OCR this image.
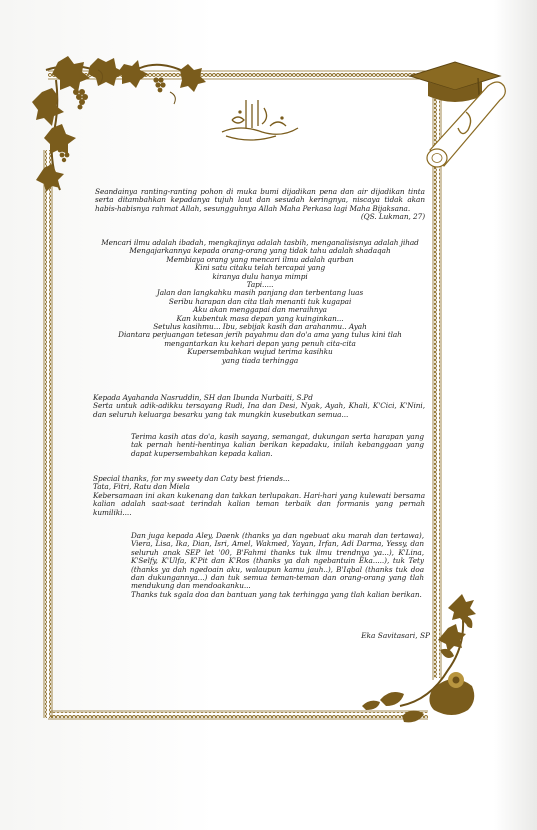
Seandainya ranting-ranting pohon di muka bumi dijadikan pena dan air dijadikan tinta serta ditambahkan kepadanya tujuh laut dan sesudah keringnya, niscaya tidak akan habis-habisnya rahmat Allah, sesungguhnya Allah Maha Perkasa lagi Maha Bijaksana.
(QS. Lukman, 27)
Mencari ilmu adalah ibadah, mengkajinya adalah tasbih, menganalisisnya adalah jihad
Mengajarkannya kepada orang-orang yang tidak tahu adalah shadaqah
Membiaya orang yang mencari ilmu adalah qurban
Kini satu citaku telah tercapai yang
kiranya dulu hanya mimpi
Tapi.....
Jalan dan langkahku masih panjang dan terbentang luas
Seribu harapan dan cita tlah menanti tuk kugapai
Aku akan menggapai dan meraihnya
Kan kubentuk masa depan yang kuinginkan...
Setulus kasihmu... Ibu, sebijak kasih dan arahanmu.. Ayah
Diantara perjuangan tetesan jerih payahmu dan do'a ama yang tulus kini tlah
mengantarkan ku kehari depan yang penuh cita-cita
Kupersembahkan wujud terima kasihku
yang tiada terhingga
Kepada Ayahanda Nasruddin, SH dan Ibunda Nurbaiti, S.Pd
Serta untuk adik-adikku tersayang Rudi, Ina dan Desi, Nyak, Ayah, Khali, K'Cici, K'Nini, dan seluruh keluarga besarku yang tak mungkin kusebutkan semua...
Terima kasih atas do'a, kasih sayang, semangat, dukungan serta harapan yang tak pernah henti-hentinya kalian berikan kepadaku, inilah kebanggaan yang dapat kupersembahkan kepada kalian.
Special thanks, for my sweety dan Caty best friends...
Tata, Fitri, Ratu dan Miela
Kebersamaan ini akan kukenang dan takkan terlupakan. Hari-hari yang kulewati bersama kalian adalah saat-saat terindah kalian teman terbaik dan formanis yang pernah kumiliki....
Dan juga kepada Aley, Daenk (thanks ya dan ngebuat aku marah dan tertawa), Viera, Lisa, Ika, Dian, Isri, Amel, Wakmed, Yayan, Irfan, Adi Darma, Yessy, dan seluruh anak SEP let '00, B'Fahmi thanks tuk ilmu trendnya ya...), K'Lina, K'Selfy, K'Ulfa, K'Pit dan K'Ros (thanks ya dah ngebantuin Eka.....), tuk Tety (thanks ya dah ngedoain aku, walaupun kamu jauh..), B'Iqbal (thanks tuk doa dan dukungannya...) dan tuk semua teman-teman dan orang-orang yang tlah mendukung dan mendoakanku...
Thanks tuk sgala doa dan bantuan yang tak terhingga yang tlah kalian berikan.
Eka Savitasari, SP
